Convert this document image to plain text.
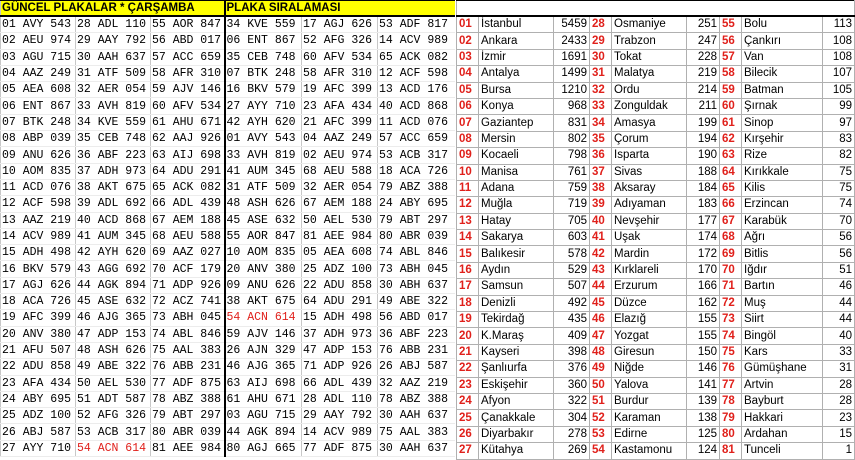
GÜNCEL PLAKALAR * ÇARŞAMBA			PLAKA SIRALAMASI		
01 AVY 543	28 ADL 110	55 AOR 847	34 KVE 559	17 AGJ 626	53 ADF 817
02 AEU 974	29 AAY 792	56 ABD 017	06 ENT 867	52 AFG 326	14 ACV 989
03 AGU 715	30 AAH 637	57 ACC 659	35 CEB 748	60 AFV 534	65 ACK 082
04 AAZ 249	31 ATF 509	58 AFR 310	07 BTK 248	58 AFR 310	12 ACF 598
05 AEA 608	32 AER 054	59 AJV 146	16 BKV 579	19 AFC 399	13 ACD 176
06 ENT 867	33 AVH 819	60 AFV 534	27 AYY 710	23 AFA 434	40 ACD 868
07 BTK 248	34 KVE 559	61 AHU 671	42 AYH 620	21 AFC 399	11 ACD 076
08 ABP 039	35 CEB 748	62 AAJ 926	01 AVY 543	04 AAZ 249	57 ACC 659
09 ANU 626	36 ABF 223	63 AIJ 698	33 AVH 819	02 AEU 974	53 ACB 317
10 AOM 835	37 ADH 973	64 ADU 291	41 AUM 345	68 AEU 588	18 ACA 726
11 ACD 076	38 AKT 675	65 ACK 082	31 ATF 509	32 AER 054	79 ABZ 388
12 ACF 598	39 ADL 692	66 ADL 439	48 ASH 626	67 AEM 188	24 ABY 695
13 AAZ 219	40 ACD 868	67 AEM 188	45 ASE 632	50 AEL 530	79 ABT 297
14 ACV 989	41 AUM 345	68 AEU 588	55 AOR 847	81 AEE 984	80 ABR 039
15 ADH 498	42 AYH 620	69 AAZ 027	10 AOM 835	05 AEA 608	74 ABL 846
16 BKV 579	43 AGG 692	70 ACF 179	20 ANV 380	25 ADZ 100	73 ABH 045
17 AGJ 626	44 AGK 894	71 ADP 926	09 ANU 626	22 ADU 858	30 ABH 637
18 ACA 726	45 ASE 632	72 ACZ 741	38 AKT 675	64 ADU 291	49 ABE 322
19 AFC 399	46 AJG 365	73 ABH 045	54 ACN 614	15 ADH 498	56 ABD 017
20 ANV 380	47 ADP 153	74 ABL 846	59 AJV 146	37 ADH 973	36 ABF 223
21 AFU 507	48 ASH 626	75 AAL 383	26 AJN 329	47 ADP 153	76 ABB 231
22 ADU 858	49 ABE 322	76 ABB 231	46 AJG 365	71 ADP 926	26 ABJ 587
23 AFA 434	50 AEL 530	77 ADF 875	63 AIJ 698	66 ADL 439	32 AAZ 219
24 ABY 695	51 ADT 587	78 ABZ 388	61 AHU 671	28 ADL 110	78 ABZ 388
25 ADZ 100	52 AFG 326	79 ABT 297	03 AGU 715	29 AAY 792	30 AAH 637
26 ABJ 587	53 ACB 317	80 ABR 039	44 AGK 894	14 ACV 989	75 AAL 383
27 AYY 710	54 ACN 614	81 AEE 984	80 AGJ 665	77 ADF 875	30 AAH 637

01	İstanbul	5459	28	Osmaniye	251	55	Bolu	113
02	Ankara	2433	29	Trabzon	247	56	Çankırı	108
03	İzmir	1691	30	Tokat	228	57	Van	108
04	Antalya	1499	31	Malatya	219	58	Bilecik	107
05	Bursa	1210	32	Ordu	214	59	Batman	105
06	Konya	968	33	Zonguldak	211	60	Şırnak	99
07	Gaziantep	831	34	Amasya	199	61	Sinop	97
08	Mersin	802	35	Çorum	194	62	Kırşehir	83
09	Kocaeli	798	36	Isparta	190	63	Rize	82
10	Manisa	761	37	Sivas	188	64	Kırıkkale	75
11	Adana	759	38	Aksaray	184	65	Kilis	75
12	Muğla	719	39	Adıyaman	183	66	Erzincan	74
13	Hatay	705	40	Nevşehir	177	67	Karabük	70
14	Sakarya	603	41	Uşak	174	68	Ağrı	56
15	Balıkesir	578	42	Mardin	172	69	Bitlis	56
16	Aydın	529	43	Kırklareli	170	70	Iğdır	51
17	Samsun	507	44	Erzurum	166	71	Bartın	46
18	Denizli	492	45	Düzce	162	72	Muş	44
19	Tekirdağ	435	46	Elazığ	155	73	Siirt	44
20	K.Maraş	409	47	Yozgat	155	74	Bingöl	40
21	Kayseri	398	48	Giresun	150	75	Kars	33
22	Şanlıurfa	376	49	Niğde	146	76	Gümüşhane	31
23	Eskişehir	360	50	Yalova	141	77	Artvin	28
24	Afyon	322	51	Burdur	139	78	Bayburt	28
25	Çanakkale	304	52	Karaman	138	79	Hakkari	23
26	Diyarbakır	278	53	Edirne	125	80	Ardahan	15
27	Kütahya	269	54	Kastamonu	124	81	Tunceli	1
